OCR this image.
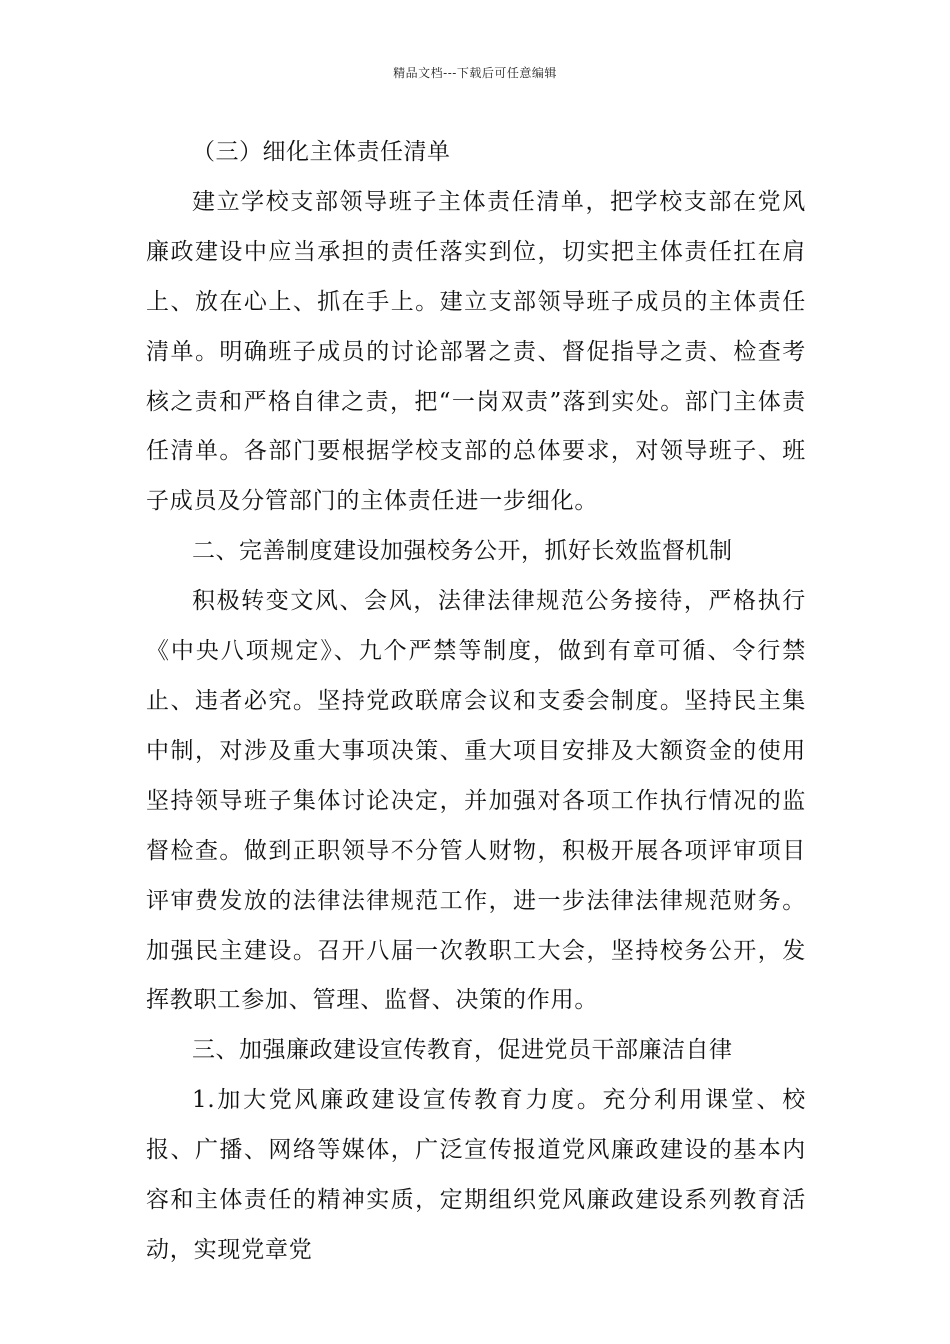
精品文档---下载后可任意编辑

（三）细化主体责任清单

建立学校支部领导班子主体责任清单，把学校支部在党风廉政建设中应当承担的责任落实到位，切实把主体责任扛在肩上、放在心上、抓在手上。建立支部领导班子成员的主体责任清单。明确班子成员的讨论部署之责、督促指导之责、检查考核之责和严格自律之责，把“一岗双责”落到实处。部门主体责任清单。各部门要根据学校支部的总体要求，对领导班子、班子成员及分管部门的主体责任进一步细化。

二、完善制度建设加强校务公开，抓好长效监督机制

积极转变文风、会风，法律法律规范公务接待，严格执行《中央八项规定》、九个严禁等制度，做到有章可循、令行禁止、违者必究。坚持党政联席会议和支委会制度。坚持民主集中制，对涉及重大事项决策、重大项目安排及大额资金的使用坚持领导班子集体讨论决定，并加强对各项工作执行情况的监督检查。做到正职领导不分管人财物，积极开展各项评审项目评审费发放的法律法律规范工作，进一步法律法律规范财务。加强民主建设。召开八届一次教职工大会，坚持校务公开，发挥教职工参加、管理、监督、决策的作用。

三、加强廉政建设宣传教育，促进党员干部廉洁自律

1.加大党风廉政建设宣传教育力度。充分利用课堂、校报、广播、网络等媒体，广泛宣传报道党风廉政建设的基本内容和主体责任的精神实质，定期组织党风廉政建设系列教育活动，实现党章党
